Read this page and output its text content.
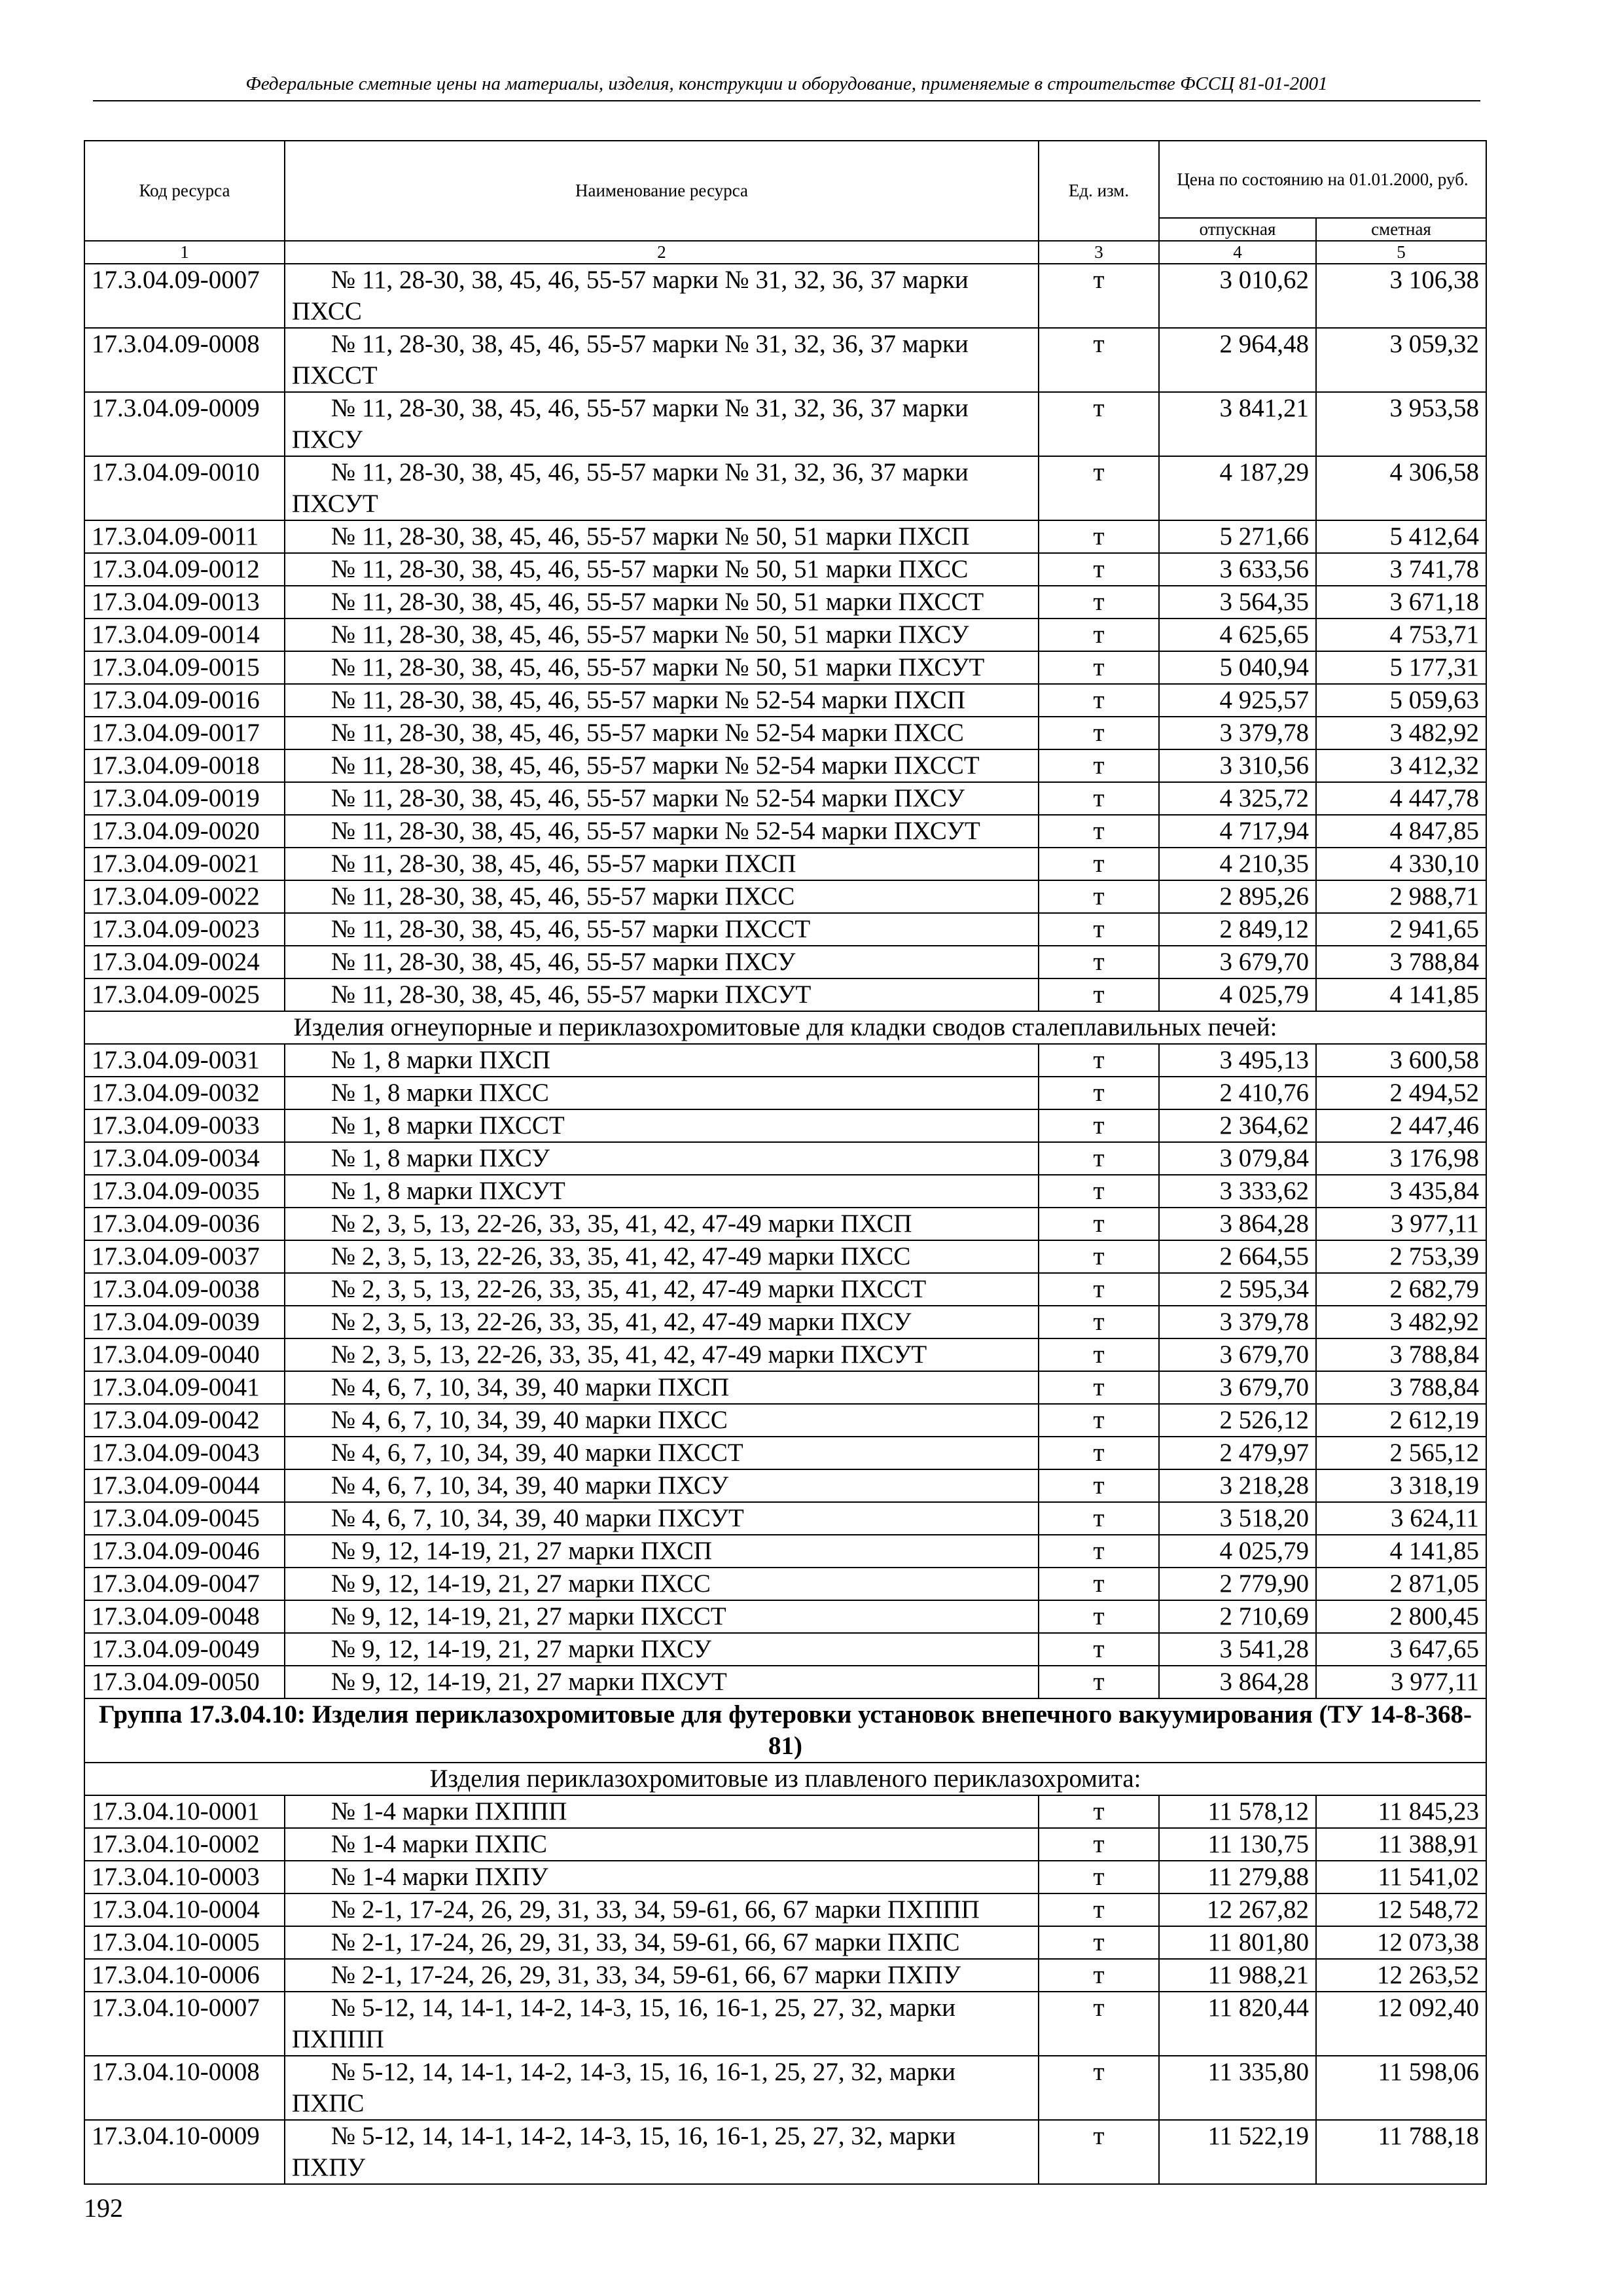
Федеральные сметные цены на материалы, изделия, конструкции и оборудование, применяемые в строительстве ФССЦ 81-01-2001
Код ресурса	Наименование ресурса	Ед. изм.	Цена по состоянию на 01.01.2000, руб.	
			отпускная	сметная
1	2	3	4	5
17.3.04.09-0007	№ 11, 28-30, 38, 45, 46, 55-57 марки № 31, 32, 36, 37 марки ПХСС	т	3 010,62	3 106,38
17.3.04.09-0008	№ 11, 28-30, 38, 45, 46, 55-57 марки № 31, 32, 36, 37 марки ПХССТ	т	2 964,48	3 059,32
17.3.04.09-0009	№ 11, 28-30, 38, 45, 46, 55-57 марки № 31, 32, 36, 37 марки ПХСУ	т	3 841,21	3 953,58
17.3.04.09-0010	№ 11, 28-30, 38, 45, 46, 55-57 марки № 31, 32, 36, 37 марки ПХСУТ	т	4 187,29	4 306,58
17.3.04.09-0011	№ 11, 28-30, 38, 45, 46, 55-57 марки № 50, 51 марки ПХСП	т	5 271,66	5 412,64
17.3.04.09-0012	№ 11, 28-30, 38, 45, 46, 55-57 марки № 50, 51 марки ПХСС	т	3 633,56	3 741,78
17.3.04.09-0013	№ 11, 28-30, 38, 45, 46, 55-57 марки № 50, 51 марки ПХССТ	т	3 564,35	3 671,18
17.3.04.09-0014	№ 11, 28-30, 38, 45, 46, 55-57 марки № 50, 51 марки ПХСУ	т	4 625,65	4 753,71
17.3.04.09-0015	№ 11, 28-30, 38, 45, 46, 55-57 марки № 50, 51 марки ПХСУТ	т	5 040,94	5 177,31
17.3.04.09-0016	№ 11, 28-30, 38, 45, 46, 55-57 марки № 52-54 марки ПХСП	т	4 925,57	5 059,63
17.3.04.09-0017	№ 11, 28-30, 38, 45, 46, 55-57 марки № 52-54 марки ПХСС	т	3 379,78	3 482,92
17.3.04.09-0018	№ 11, 28-30, 38, 45, 46, 55-57 марки № 52-54 марки ПХССТ	т	3 310,56	3 412,32
17.3.04.09-0019	№ 11, 28-30, 38, 45, 46, 55-57 марки № 52-54 марки ПХСУ	т	4 325,72	4 447,78
17.3.04.09-0020	№ 11, 28-30, 38, 45, 46, 55-57 марки № 52-54 марки ПХСУТ	т	4 717,94	4 847,85
17.3.04.09-0021	№ 11, 28-30, 38, 45, 46, 55-57 марки ПХСП	т	4 210,35	4 330,10
17.3.04.09-0022	№ 11, 28-30, 38, 45, 46, 55-57 марки ПХСС	т	2 895,26	2 988,71
17.3.04.09-0023	№ 11, 28-30, 38, 45, 46, 55-57 марки ПХССТ	т	2 849,12	2 941,65
17.3.04.09-0024	№ 11, 28-30, 38, 45, 46, 55-57 марки ПХСУ	т	3 679,70	3 788,84
17.3.04.09-0025	№ 11, 28-30, 38, 45, 46, 55-57 марки ПХСУТ	т	4 025,79	4 141,85
Изделия огнеупорные и периклазохромитовые для кладки сводов сталеплавильных печей:				
17.3.04.09-0031	№ 1, 8 марки ПХСП	т	3 495,13	3 600,58
17.3.04.09-0032	№ 1, 8 марки ПХСС	т	2 410,76	2 494,52
17.3.04.09-0033	№ 1, 8 марки ПХССТ	т	2 364,62	2 447,46
17.3.04.09-0034	№ 1, 8 марки ПХСУ	т	3 079,84	3 176,98
17.3.04.09-0035	№ 1, 8 марки ПХСУТ	т	3 333,62	3 435,84
17.3.04.09-0036	№ 2, 3, 5, 13, 22-26, 33, 35, 41, 42, 47-49 марки ПХСП	т	3 864,28	3 977,11
17.3.04.09-0037	№ 2, 3, 5, 13, 22-26, 33, 35, 41, 42, 47-49 марки ПХСС	т	2 664,55	2 753,39
17.3.04.09-0038	№ 2, 3, 5, 13, 22-26, 33, 35, 41, 42, 47-49 марки ПХССТ	т	2 595,34	2 682,79
17.3.04.09-0039	№ 2, 3, 5, 13, 22-26, 33, 35, 41, 42, 47-49 марки ПХСУ	т	3 379,78	3 482,92
17.3.04.09-0040	№ 2, 3, 5, 13, 22-26, 33, 35, 41, 42, 47-49 марки ПХСУТ	т	3 679,70	3 788,84
17.3.04.09-0041	№ 4, 6, 7, 10, 34, 39, 40 марки ПХСП	т	3 679,70	3 788,84
17.3.04.09-0042	№ 4, 6, 7, 10, 34, 39, 40 марки ПХСС	т	2 526,12	2 612,19
17.3.04.09-0043	№ 4, 6, 7, 10, 34, 39, 40 марки ПХССТ	т	2 479,97	2 565,12
17.3.04.09-0044	№ 4, 6, 7, 10, 34, 39, 40 марки ПХСУ	т	3 218,28	3 318,19
17.3.04.09-0045	№ 4, 6, 7, 10, 34, 39, 40 марки ПХСУТ	т	3 518,20	3 624,11
17.3.04.09-0046	№ 9, 12, 14-19, 21, 27 марки ПХСП	т	4 025,79	4 141,85
17.3.04.09-0047	№ 9, 12, 14-19, 21, 27 марки ПХСС	т	2 779,90	2 871,05
17.3.04.09-0048	№ 9, 12, 14-19, 21, 27 марки ПХССТ	т	2 710,69	2 800,45
17.3.04.09-0049	№ 9, 12, 14-19, 21, 27 марки ПХСУ	т	3 541,28	3 647,65
17.3.04.09-0050	№ 9, 12, 14-19, 21, 27 марки ПХСУТ	т	3 864,28	3 977,11
Группа 17.3.04.10: Изделия периклазохромитовые для футеровки установок внепечного вакуумирования (ТУ 14-8-368-81)				
Изделия периклазохромитовые из плавленого периклазохромита:				
17.3.04.10-0001	№ 1-4 марки ПХППП	т	11 578,12	11 845,23
17.3.04.10-0002	№ 1-4 марки ПХПС	т	11 130,75	11 388,91
17.3.04.10-0003	№ 1-4 марки ПХПУ	т	11 279,88	11 541,02
17.3.04.10-0004	№ 2-1, 17-24, 26, 29, 31, 33, 34, 59-61, 66, 67 марки ПХППП	т	12 267,82	12 548,72
17.3.04.10-0005	№ 2-1, 17-24, 26, 29, 31, 33, 34, 59-61, 66, 67 марки ПХПС	т	11 801,80	12 073,38
17.3.04.10-0006	№ 2-1, 17-24, 26, 29, 31, 33, 34, 59-61, 66, 67 марки ПХПУ	т	11 988,21	12 263,52
17.3.04.10-0007	№ 5-12, 14, 14-1, 14-2, 14-3, 15, 16, 16-1, 25, 27, 32, марки ПХППП	т	11 820,44	12 092,40
17.3.04.10-0008	№ 5-12, 14, 14-1, 14-2, 14-3, 15, 16, 16-1, 25, 27, 32, марки ПХПС	т	11 335,80	11 598,06
17.3.04.10-0009	№ 5-12, 14, 14-1, 14-2, 14-3, 15, 16, 16-1, 25, 27, 32, марки ПХПУ	т	11 522,19	11 788,18
192
